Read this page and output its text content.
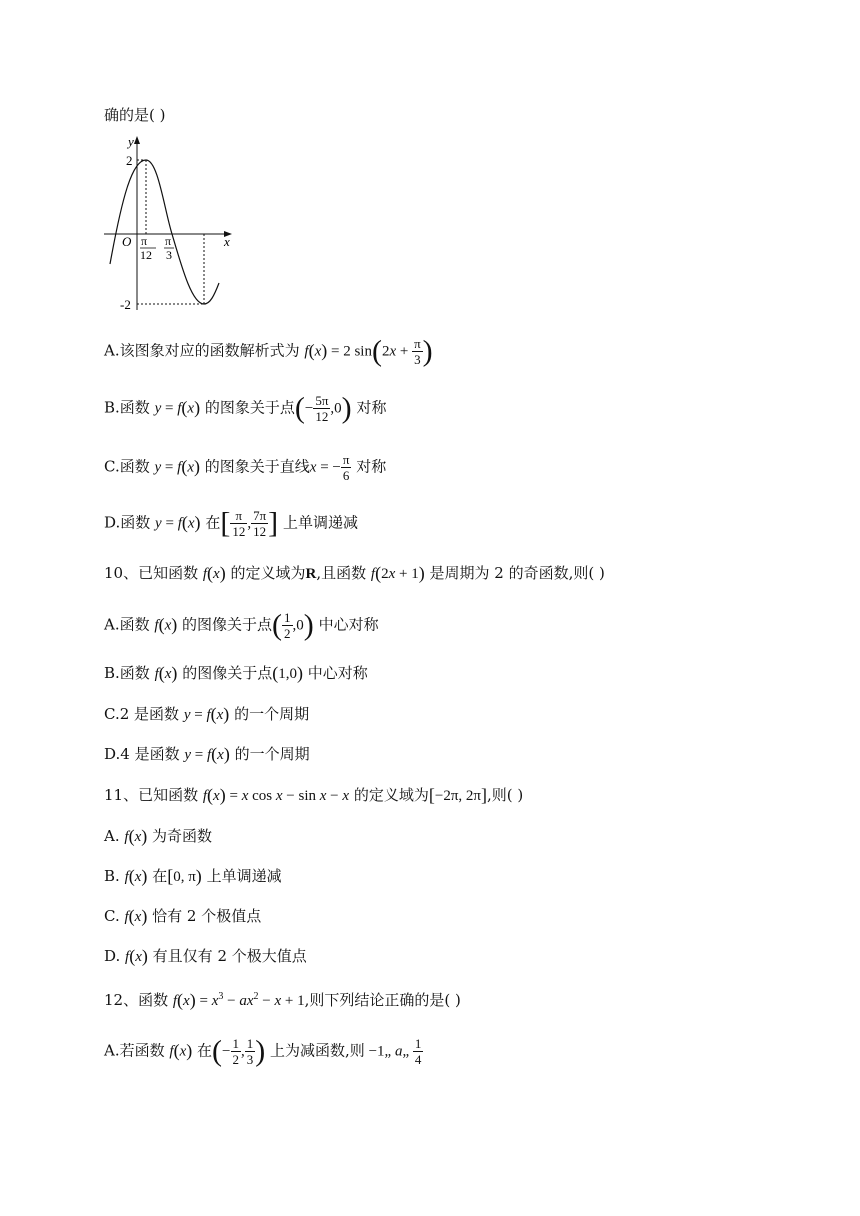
确的是( )
y
x
O
2
-2
π
12
π
3
A.该图象对应的函数解析式为 f(x) = 2 $\sin(2x + \frac{\pi}{3}$ )
B.函数 y = f(x) 的图象关于点(− $\frac{5\pi}{12} ,0$) 对称
C.函数 y = f(x) 的图象关于直线x = − $\frac{\pi}{6}$ 对称
D.函数 y = f(x) 在[ $\frac{\pi}{12}$ , $\frac{7\pi}{12}$ ] 上单调递减
10、已知函数 f(x) 的定义域为R,且函数 f(2x + 1) 是周期为 2 的奇函数,则( )
A.函数 f(x) 的图像关于点( $\frac{1}{2} ,0$) 中心对称
B.函数 f(x) 的图像关于点(1,0) 中心对称
C.2 是函数 y = f(x) 的一个周期
D.4 是函数 y = f(x) 的一个周期
11、已知函数 f(x) = x cos x − sin x − x 的定义域为[−2π, 2π],则( )
A. f(x) 为奇函数
B. f(x) 在[0, π) 上单调递减
C. f(x) 恰有 2 个极值点
D. f(x) 有且仅有 2 个极大值点
12、函数 $f(x) = x^3 - ax^2 - x + 1$,则下列结论正确的是( )
A.若函数 f(x) 在(− $\frac{1}{2}$ , $\frac{1}{3}$ ) 上为减函数,则 −1„ a„ $\frac{1}{4}$
